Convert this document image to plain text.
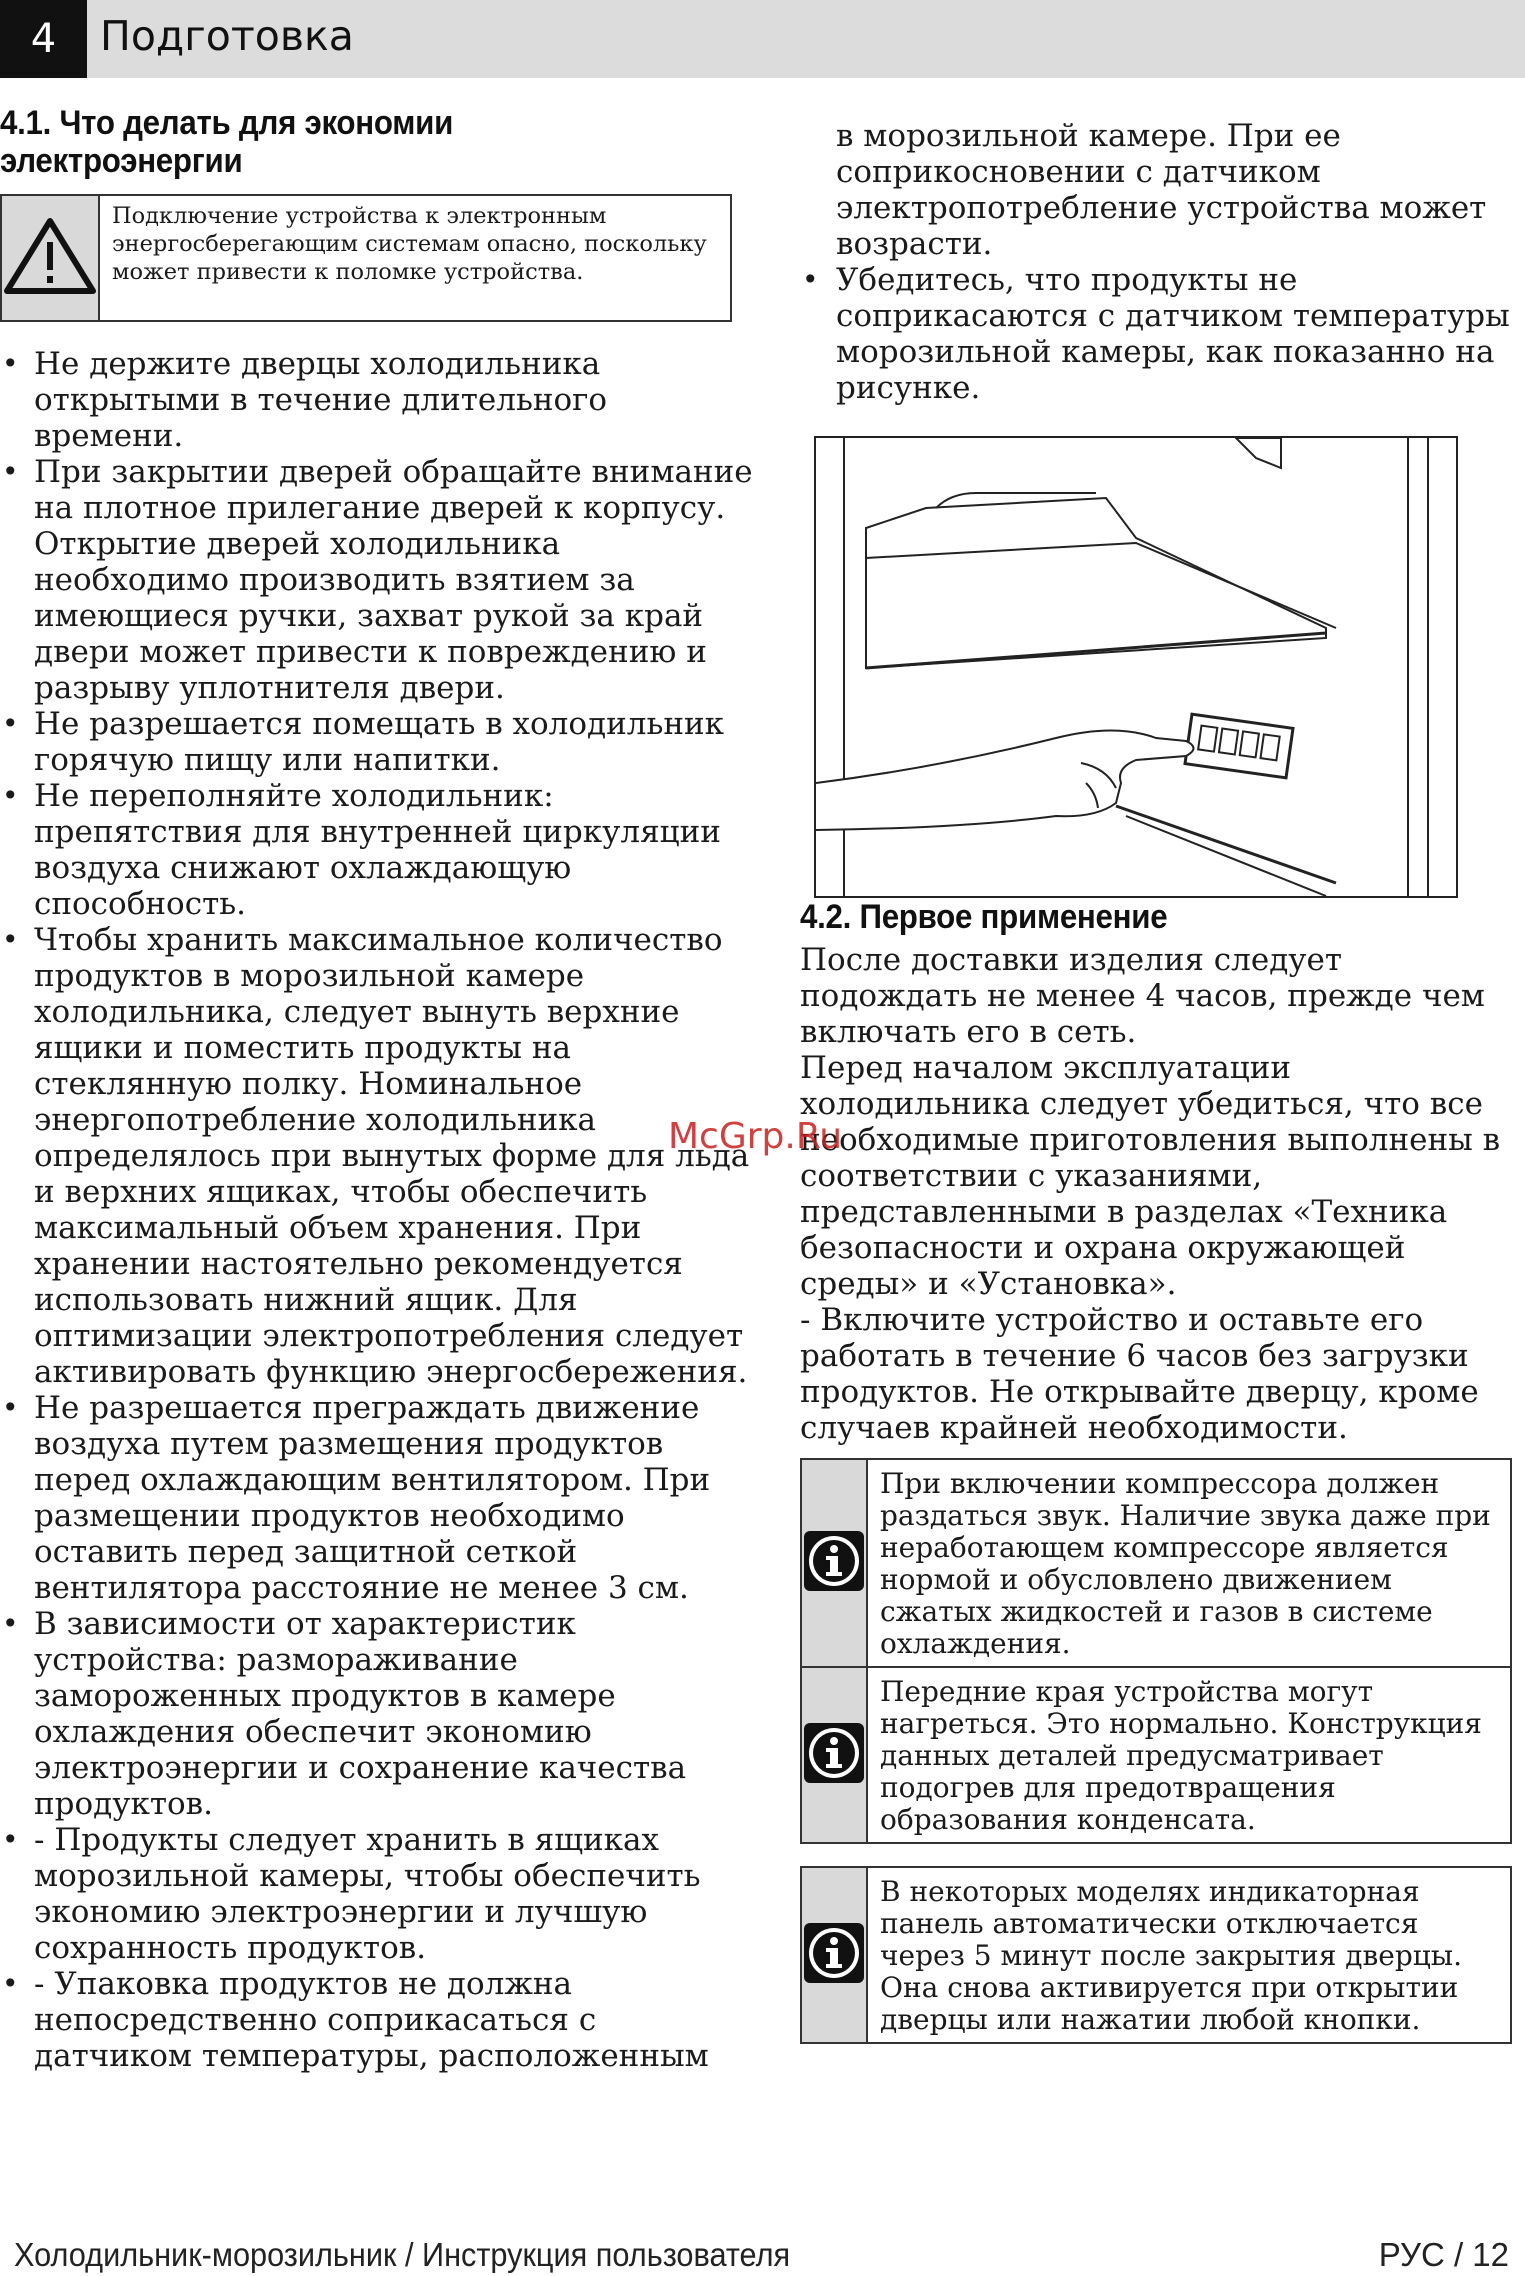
4	Подготовка
4.1. Что делать для экономии электроэнергии
Подключение устройства к электронным энергосберегающим системам опасно, поскольку может привести к поломке устройства.
• Не держите дверцы холодильника открытыми в течение длительного времени.
• При закрытии дверей обращайте внимание на плотное прилегание дверей к корпусу. Открытие дверей холодильника необходимо производить взятием за имеющиеся ручки, захват рукой за край двери может привести к повреждению и разрыву уплотнителя двери.
• Не разрешается помещать в холодильник горячую пищу или напитки.
• Не переполняйте холодильник: препятствия для внутренней циркуляции воздуха снижают охлаждающую способность.
• Чтобы хранить максимальное количество продуктов в морозильной камере холодильника, следует вынуть верхние ящики и поместить продукты на стеклянную полку. Номинальное энергопотребление холодильника определялось при вынутых форме для льда и верхних ящиках, чтобы обеспечить максимальный объем хранения. При хранении настоятельно рекомендуется использовать нижний ящик. Для оптимизации электропотребления следует активировать функцию энергосбережения.
• Не разрешается преграждать движение воздуха путем размещения продуктов перед охлаждающим вентилятором. При размещении продуктов необходимо оставить перед защитной сеткой вентилятора расстояние не менее 3 см.
• В зависимости от характеристик устройства: размораживание замороженных продуктов в камере охлаждения обеспечит экономию электроэнергии и сохранение качества продуктов.
• - Продукты следует хранить в ящиках морозильной камеры, чтобы обеспечить экономию электроэнергии и лучшую сохранность продуктов.
• - Упаковка продуктов не должна непосредственно соприкасаться с датчиком температуры, расположенным

в морозильной камере. При ее соприкосновении с датчиком электропотребление устройства может возрасти.

• Убедитесь, что продукты не соприкасаются с датчиком температуры морозильной камеры, как показанно на рисунке.
4.2. Первое применение

После доставки изделия следует подождать не менее 4 часов, прежде чем включать его в сеть.

Перед началом эксплуатации холодильника следует убедиться, что все необходимые приготовления выполнены в соответствии с указаниями, представленными в разделах «Техника безопасности и охрана окружающей среды» и «Установка».

- Включите устройство и оставьте его работать в течение 6 часов без загрузки продуктов. Не открывайте дверцу, кроме случаев крайней необходимости.

При включении компрессора должен раздаться звук. Наличие звука даже при неработающем компрессоре является нормой и обусловлено движением сжатых жидкостей и газов в системе охлаждения.
Передние края устройства могут нагреться. Это нормально. Конструкция данных деталей предусматривает подогрев для предотвращения образования конденсата.
В некоторых моделях индикаторная панель автоматически отключается через 5 минут после закрытия дверцы. Она снова активируется при открытии дверцы или нажатии любой кнопки.
McGrp.Ru
Холодильник-морозильник / Инструкция пользователя	РУС / 12
